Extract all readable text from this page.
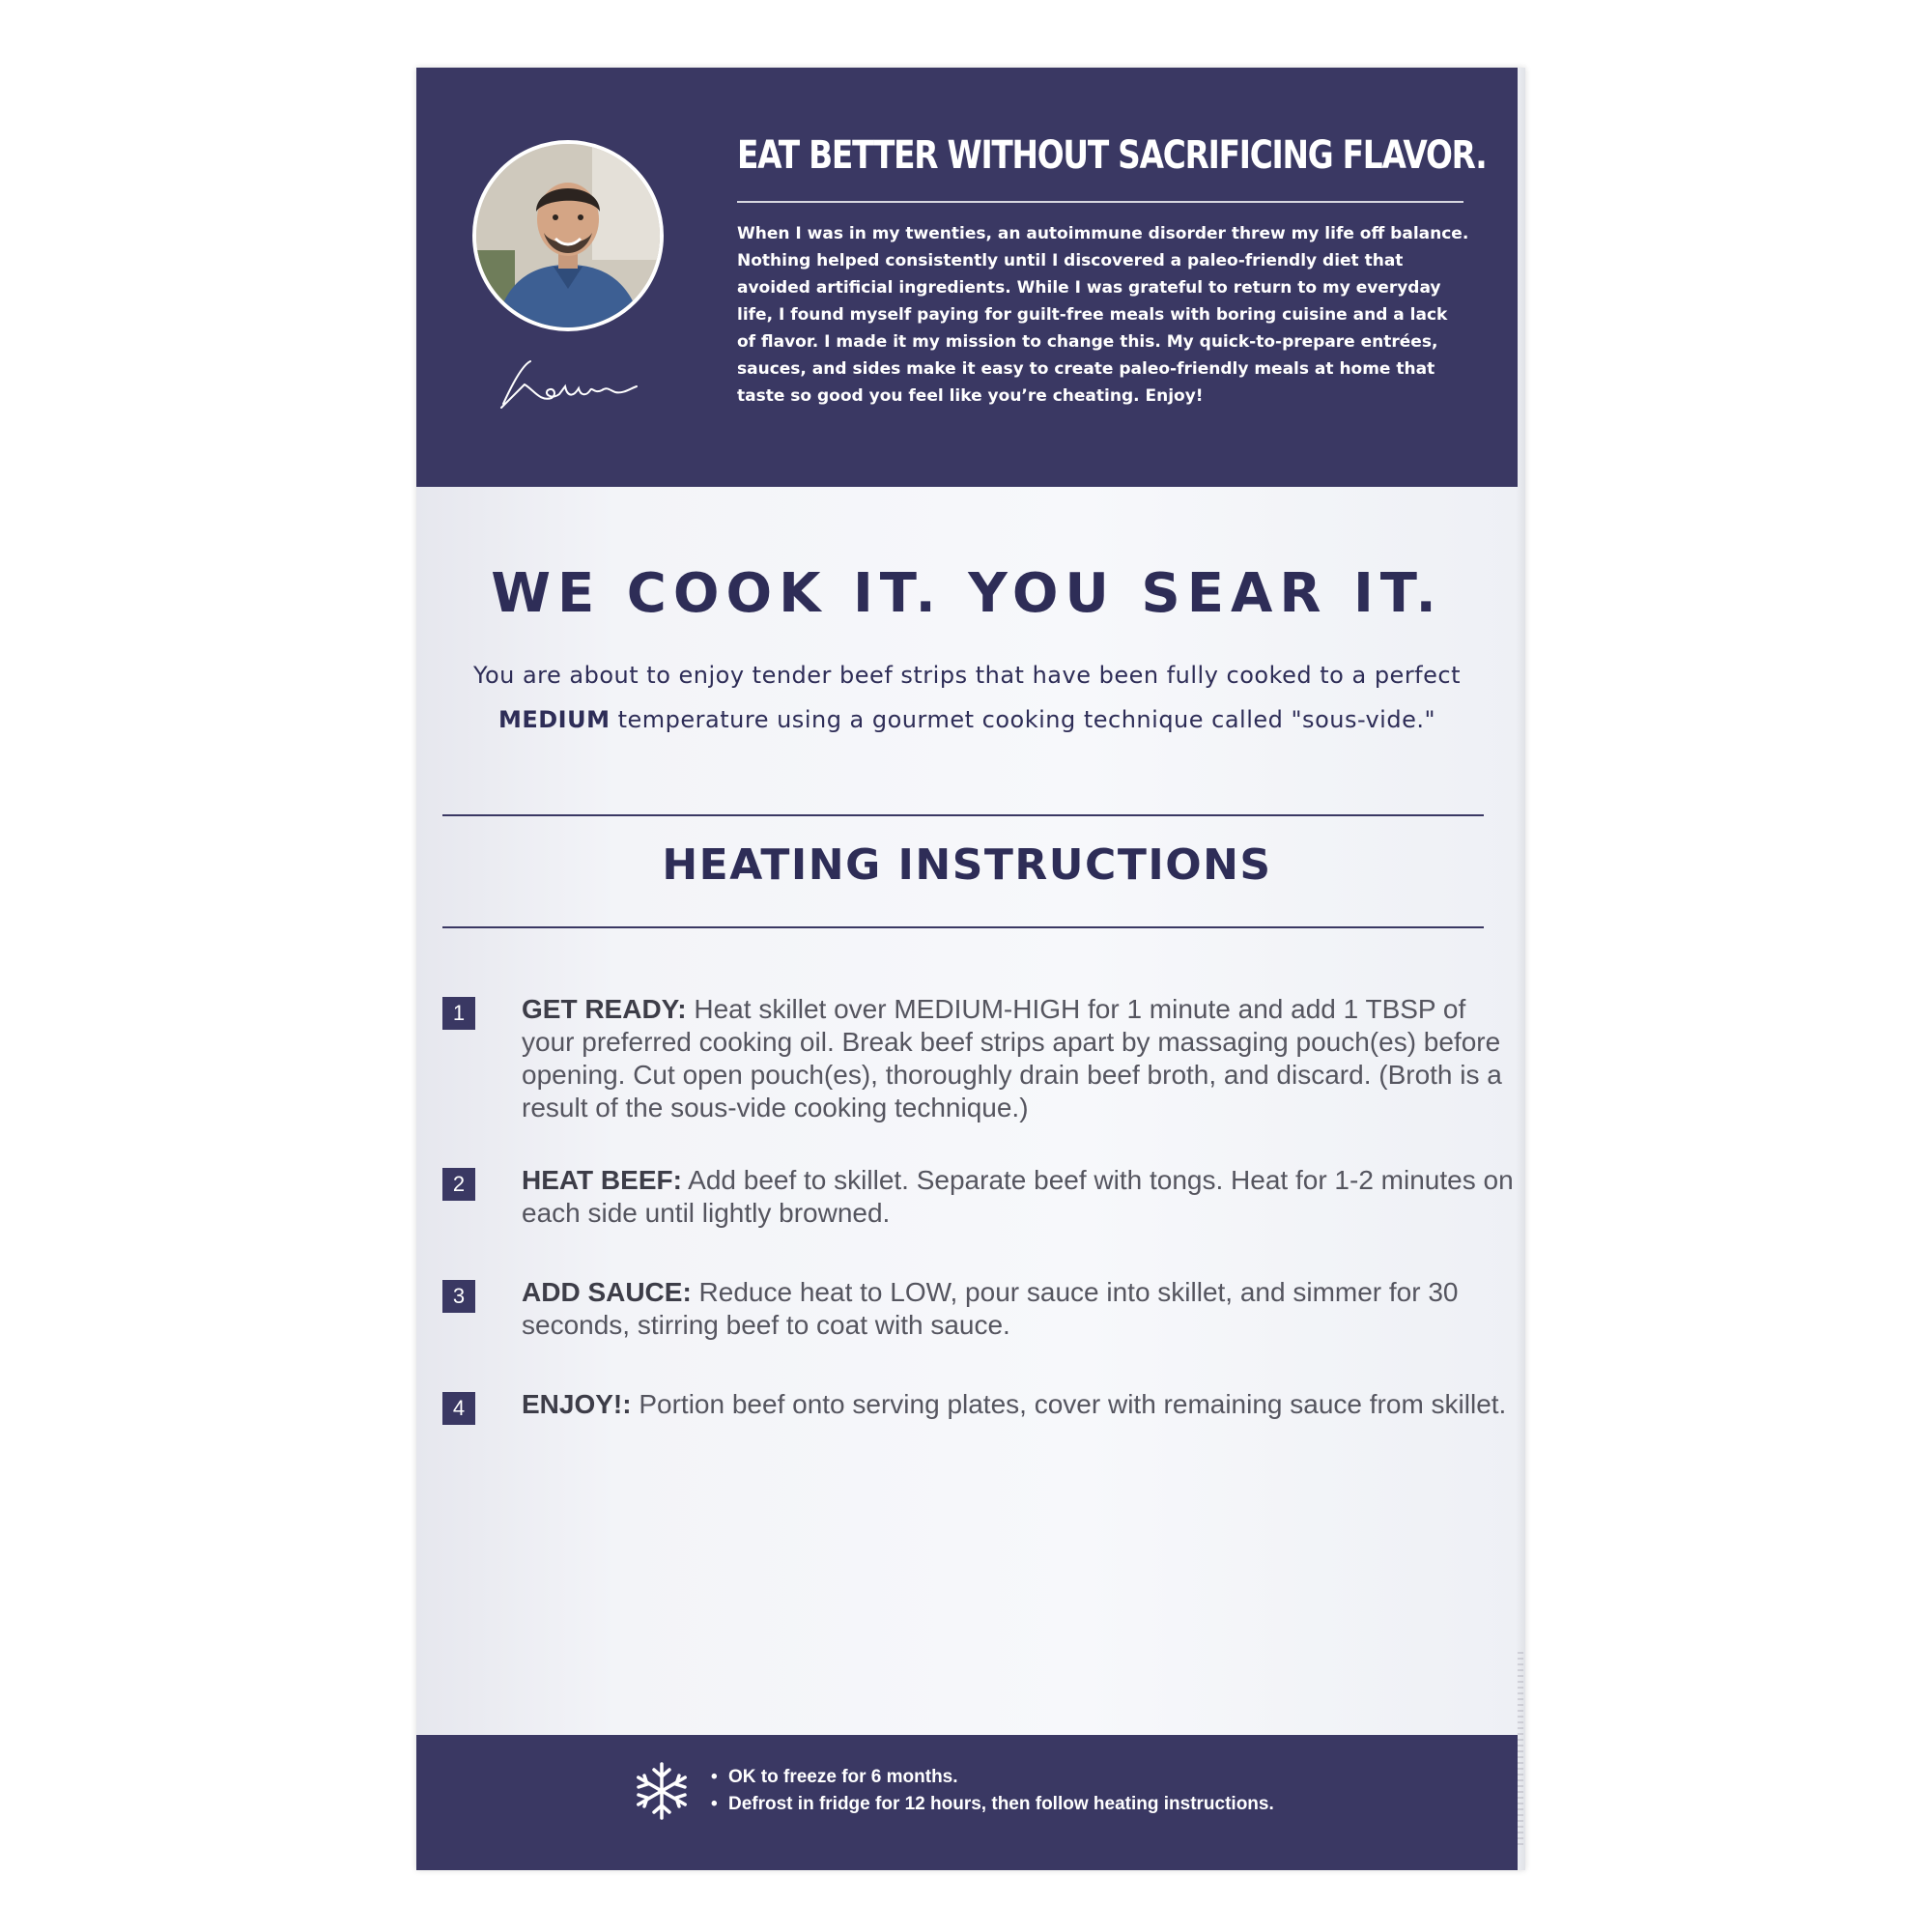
EAT BETTER WITHOUT SACRIFICING FLAVOR.

When I was in my twenties, an autoimmune disorder threw my life off balance. Nothing helped consistently until I discovered a paleo-friendly diet that avoided artificial ingredients. While I was grateful to return to my everyday life, I found myself paying for guilt-free meals with boring cuisine and a lack of flavor. I made it my mission to change this. My quick-to-prepare entrées, sauces, and sides make it easy to create paleo-friendly meals at home that taste so good you feel like you’re cheating. Enjoy!

WE COOK IT. YOU SEAR IT.

You are about to enjoy tender beef strips that have been fully cooked to a perfect MEDIUM temperature using a gourmet cooking technique called "sous-vide."

HEATING INSTRUCTIONS
1	GET READY: Heat skillet over MEDIUM-HIGH for 1 minute and add 1 TBSP of your preferred cooking oil. Break beef strips apart by massaging pouch(es) before opening. Cut open pouch(es), thoroughly drain beef broth, and discard. (Broth is a result of the sous-vide cooking technique.)

2	HEAT BEEF: Add beef to skillet. Separate beef with tongs. Heat for 1-2 minutes on each side until lightly browned.

3	ADD SAUCE: Reduce heat to LOW, pour sauce into skillet, and simmer for 30 seconds, stirring beef to coat with sauce.

4	ENJOY!: Portion beef onto serving plates, cover with remaining sauce from skillet.

• OK to freeze for 6 months.
• Defrost in fridge for 12 hours, then follow heating instructions.
